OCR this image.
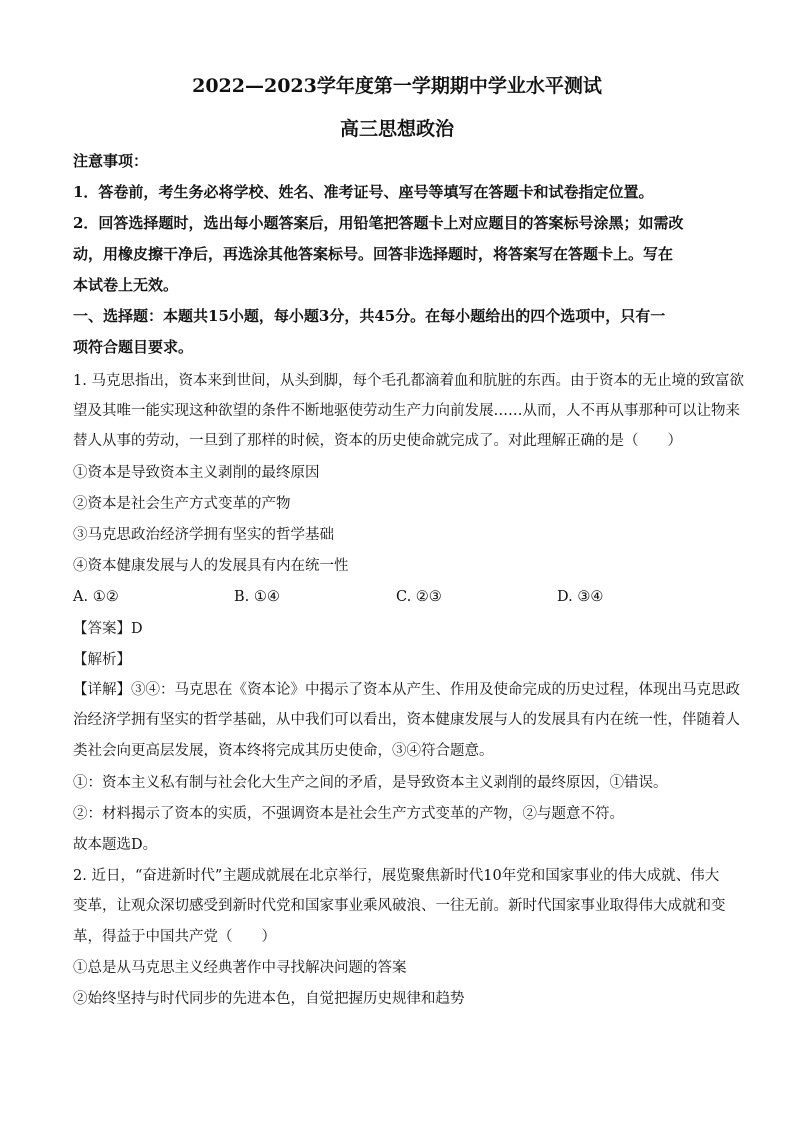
2022—2023学年度第一学期期中学业水平测试
高三思想政治
注意事项：
1．答卷前，考生务必将学校、姓名、准考证号、座号等填写在答题卡和试卷指定位置。
2．回答选择题时，选出每小题答案后，用铅笔把答题卡上对应题目的答案标号涂黑；如需改
动，用橡皮擦干净后，再选涂其他答案标号。回答非选择题时，将答案写在答题卡上。写在
本试卷上无效。
一、选择题：本题共15小题，每小题3分，共45分。在每小题给出的四个选项中，只有一
项符合题目要求。
1. 马克思指出，资本来到世间，从头到脚，每个毛孔都滴着血和肮脏的东西。由于资本的无止境的致富欲
望及其唯一能实现这种欲望的条件不断地驱使劳动生产力向前发展……从而，人不再从事那种可以让物来
替人从事的劳动，一旦到了那样的时候，资本的历史使命就完成了。对此理解正确的是（　　）
①资本是导致资本主义剥削的最终原因
②资本是社会生产方式变革的产物
③马克思政治经济学拥有坚实的哲学基础
④资本健康发展与人的发展具有内在统一性
A. ①②	B. ①④	C. ②③	D. ③④
【答案】D
【解析】
【详解】③④：马克思在《资本论》中揭示了资本从产生、作用及使命完成的历史过程，体现出马克思政
治经济学拥有坚实的哲学基础，从中我们可以看出，资本健康发展与人的发展具有内在统一性，伴随着人
类社会向更高层发展，资本终将完成其历史使命，③④符合题意。
①：资本主义私有制与社会化大生产之间的矛盾，是导致资本主义剥削的最终原因，①错误。
②：材料揭示了资本的实质，不强调资本是社会生产方式变革的产物，②与题意不符。
故本题选D。
2. 近日，“奋进新时代”主题成就展在北京举行，展览聚焦新时代10年党和国家事业的伟大成就、伟大
变革，让观众深切感受到新时代党和国家事业乘风破浪、一往无前。新时代国家事业取得伟大成就和变
革，得益于中国共产党（　　）
①总是从马克思主义经典著作中寻找解决问题的答案
②始终坚持与时代同步的先进本色，自觉把握历史规律和趋势
